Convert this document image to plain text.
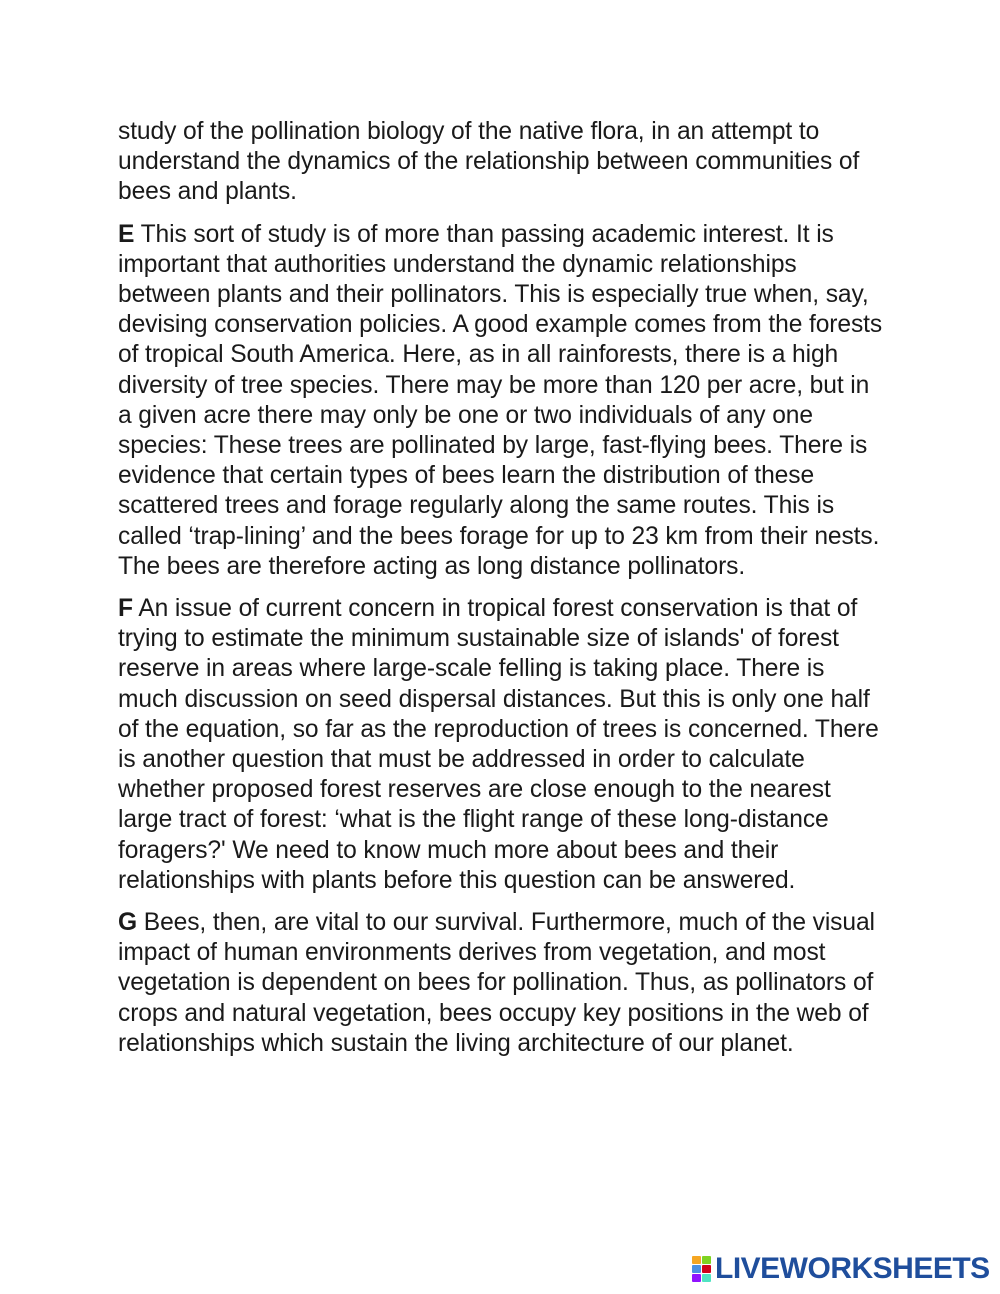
study of the pollination biology of the native flora, in an attempt to understand the dynamics of the relationship between communities of bees and plants.

E This sort of study is of more than passing academic interest. It is important that authorities understand the dynamic relationships between plants and their pollinators. This is especially true when, say, devising conservation policies. A good example comes from the forests of tropical South America. Here, as in all rainforests, there is a high diversity of tree species. There may be more than 120 per acre, but in a given acre there may only be one or two individuals of any one species: These trees are pollinated by large, fast-flying bees. There is evidence that certain types of bees learn the distribution of these scattered trees and forage regularly along the same routes. This is called ‘trap-lining’ and the bees forage for up to 23 km from their nests. The bees are therefore acting as long distance pollinators.

F An issue of current concern in tropical forest conservation is that of trying to estimate the minimum sustainable size of islands' of forest reserve in areas where large-scale felling is taking place. There is much discussion on seed dispersal distances. But this is only one half of the equation, so far as the reproduction of trees is concerned. There is another question that must be addressed in order to calculate whether proposed forest reserves are close enough to the nearest large tract of forest: ‘what is the flight range of these long-distance foragers?' We need to know much more about bees and their relationships with plants before this question can be answered.

G Bees, then, are vital to our survival. Furthermore, much of the visual impact of human environments derives from vegetation, and most vegetation is dependent on bees for pollination. Thus, as pollinators of crops and natural vegetation, bees occupy key positions in the web of relationships which sustain the living architecture of our planet.

LIVEWORKSHEETS
